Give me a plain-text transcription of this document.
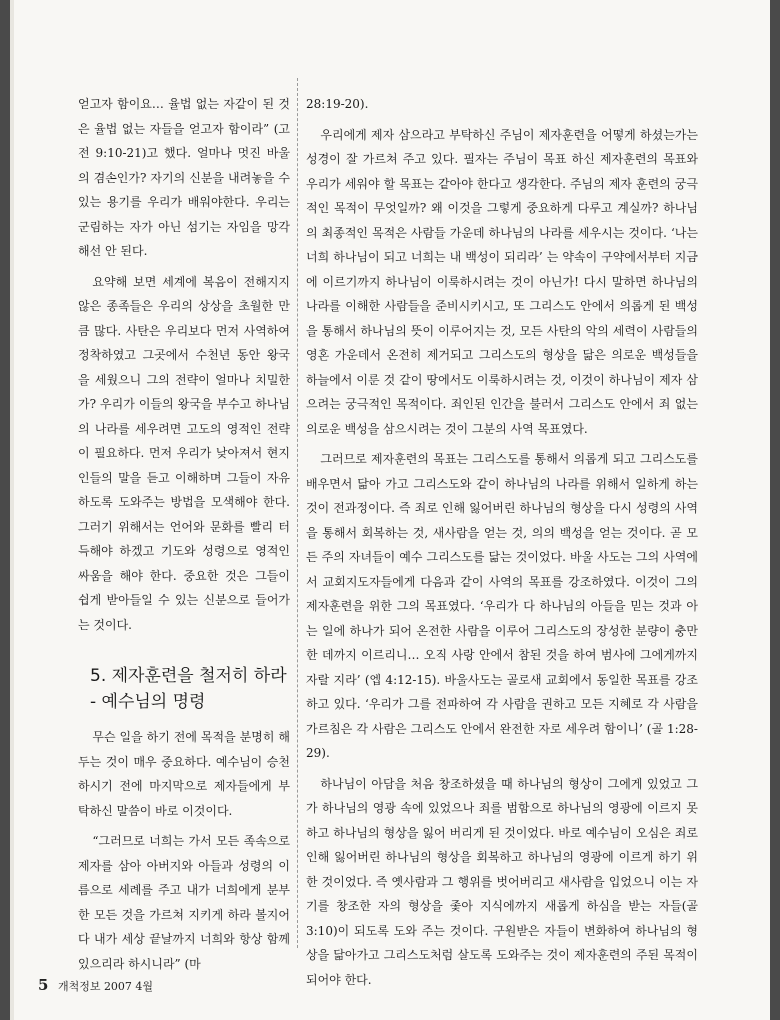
얻고자 함이요… 율법 없는 자같이 된 것은 율법 없는 자들을 얻고자 함이라” (고전 9:10-21)고 했다. 얼마나 멋진 바울의 겸손인가? 자기의 신분을 내려놓을 수 있는 용기를 우리가 배워야한다. 우리는 군림하는 자가 아닌 섬기는 자임을 망각해선 안 된다.

요약해 보면 세계에 복음이 전해지지 않은 종족들은 우리의 상상을 초월한 만큼 많다. 사탄은 우리보다 먼저 사역하여 정착하였고 그곳에서 수천년 동안 왕국을 세웠으니 그의 전략이 얼마나 치밀한가? 우리가 이들의 왕국을 부수고 하나님의 나라를 세우려면 고도의 영적인 전략이 필요하다. 먼저 우리가 낮아져서 현지인들의 말을 듣고 이해하며 그들이 자유하도록 도와주는 방법을 모색해야 한다. 그러기 위해서는 언어와 문화를 빨리 터득해야 하겠고 기도와 성령으로 영적인 싸움을 해야 한다. 중요한 것은 그들이 쉽게 받아들일 수 있는 신분으로 들어가는 것이다.

5. 제자훈련을 철저히 하라
- 예수님의 명령

무슨 일을 하기 전에 목적을 분명히 해두는 것이 매우 중요하다. 예수님이 승천하시기 전에 마지막으로 제자들에게 부탁하신 말씀이 바로 이것이다.

“그러므로 너희는 가서 모든 족속으로 제자를 삼아 아버지와 아들과 성령의 이름으로 세례를 주고 내가 너희에게 분부한 모든 것을 가르쳐 지키게 하라 볼지어다 내가 세상 끝날까지 너희와 항상 함께 있으리라 하시니라” (마

28:19-20).

우리에게 제자 삼으라고 부탁하신 주님이 제자훈련을 어떻게 하셨는가는 성경이 잘 가르쳐 주고 있다. 필자는 주님이 목표 하신 제자훈련의 목표와 우리가 세워야 할 목표는 같아야 한다고 생각한다. 주님의 제자 훈련의 궁극적인 목적이 무엇일까? 왜 이것을 그렇게 중요하게 다루고 계실까? 하나님의 최종적인 목적은 사람들 가운데 하나님의 나라를 세우시는 것이다. ‘나는 너희 하나님이 되고 너희는 내 백성이 되리라’ 는 약속이 구약에서부터 지금에 이르기까지 하나님이 이룩하시려는 것이 아닌가! 다시 말하면 하나님의 나라를 이해한 사람들을 준비시키시고, 또 그리스도 안에서 의롭게 된 백성을 통해서 하나님의 뜻이 이루어지는 것, 모든 사탄의 악의 세력이 사람들의 영혼 가운데서 온전히 제거되고 그리스도의 형상을 닮은 의로운 백성들을 하늘에서 이룬 것 같이 땅에서도 이룩하시려는 것, 이것이 하나님이 제자 삼으려는 궁극적인 목적이다. 죄인된 인간을 불러서 그리스도 안에서 죄 없는 의로운 백성을 삼으시려는 것이 그분의 사역 목표였다.

그러므로 제자훈련의 목표는 그리스도를 통해서 의롭게 되고 그리스도를 배우면서 닮아 가고 그리스도와 같이 하나님의 나라를 위해서 일하게 하는 것이 전과정이다. 즉 죄로 인해 잃어버린 하나님의 형상을 다시 성령의 사역을 통해서 회복하는 것, 새사람을 얻는 것, 의의 백성을 얻는 것이다. 곧 모든 주의 자녀들이 예수 그리스도를 닮는 것이었다. 바울 사도는 그의 사역에서 교회지도자들에게 다음과 같이 사역의 목표를 강조하였다. 이것이 그의 제자훈련을 위한 그의 목표였다. ‘우리가 다 하나님의 아들을 믿는 것과 아는 일에 하나가 되어 온전한 사람을 이루어 그리스도의 장성한 분량이 충만한 데까지 이르리니… 오직 사랑 안에서 참된 것을 하여 범사에 그에게까지 자랄 지라’ (엡 4:12-15). 바울사도는 골로새 교회에서 동일한 목표를 강조하고 있다. ‘우리가 그를 전파하여 각 사람을 권하고 모든 지혜로 각 사람을 가르침은 각 사람은 그리스도 안에서 완전한 자로 세우려 함이니’ (골 1:28-29).

하나님이 아담을 처음 창조하셨을 때 하나님의 형상이 그에게 있었고 그가 하나님의 영광 속에 있었으나 죄를 범함으로 하나님의 영광에 이르지 못하고 하나님의 형상을 잃어 버리게 된 것이었다. 바로 예수님이 오심은 죄로 인해 잃어버린 하나님의 형상을 회복하고 하나님의 영광에 이르게 하기 위한 것이었다. 즉 옛사람과 그 행위를 벗어버리고 새사람을 입었으니 이는 자기를 창조한 자의 형상을 좇아 지식에까지 새롭게 하심을 받는 자들(골 3:10)이 되도록 도와 주는 것이다. 구원받은 자들이 변화하여 하나님의 형상을 닮아가고 그리스도처럼 살도록 도와주는 것이 제자훈련의 주된 목적이 되어야 한다.

5 개척정보 2007 4월
